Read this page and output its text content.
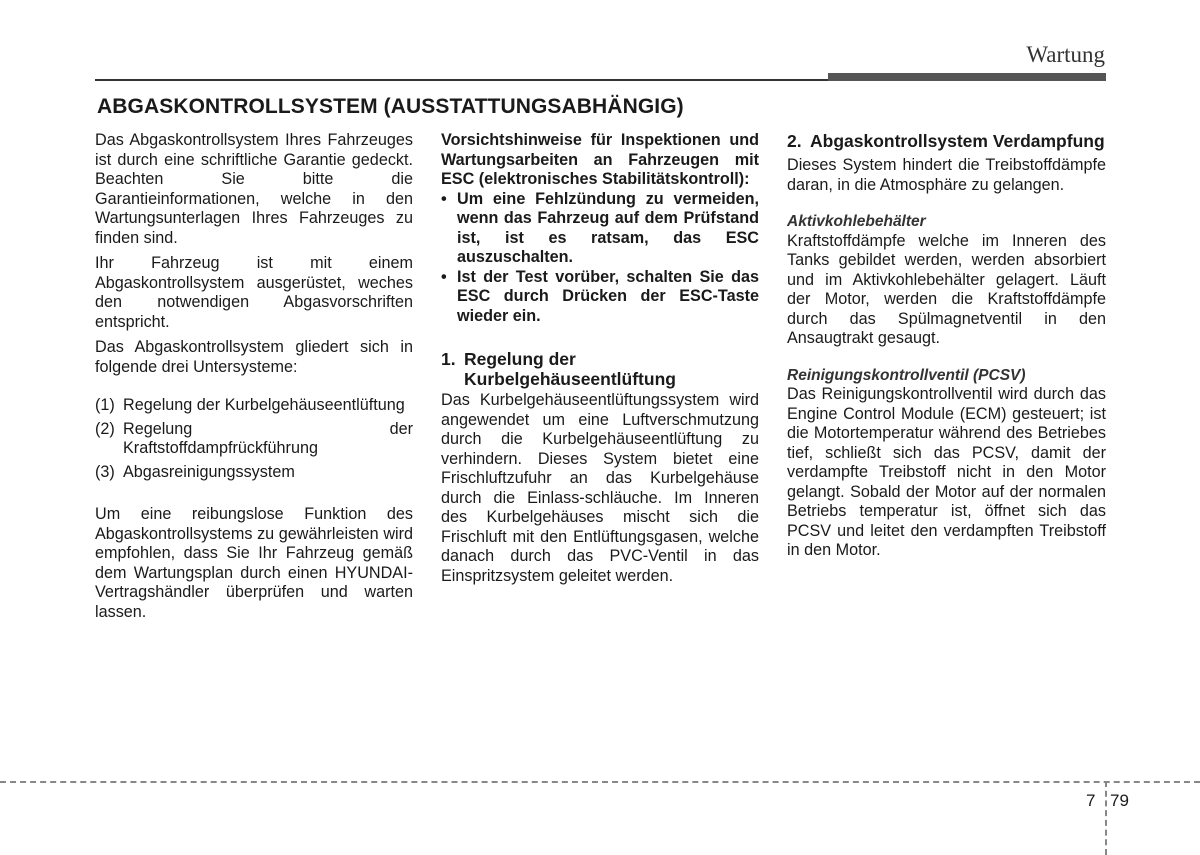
Wartung
ABGASKONTROLLSYSTEM (AUSSTATTUNGSABHÄNGIG)

Das Abgaskontrollsystem Ihres Fahrzeuges ist durch eine schriftliche Garantie gedeckt. Beachten Sie bitte die Garantieinformationen, welche in den Wartungsunterlagen Ihres Fahrzeuges zu finden sind.

Ihr Fahrzeug ist mit einem Abgaskontrollsystem ausgerüstet, weches den notwendigen Abgasvorschriften entspricht.

Das Abgaskontrollsystem gliedert sich in folgende drei Untersysteme:

(1) Regelung der Kurbelgehäuseentlüftung
(2) Regelung der Kraftstoffdampfrückführung
(3) Abgasreinigungssystem

Um eine reibungslose Funktion des Abgaskontrollsystems zu gewährleisten wird empfohlen, dass Sie Ihr Fahrzeug gemäß dem Wartungsplan durch einen HYUNDAI-Vertragshändler überprüfen und warten lassen.

Vorsichtshinweise für Inspektionen und Wartungsarbeiten an Fahrzeugen mit ESC (elektronisches Stabilitätskontroll):

• Um eine Fehlzündung zu vermeiden, wenn das Fahrzeug auf dem Prüfstand ist, ist es ratsam, das ESC auszuschalten.
• Ist der Test vorüber, schalten Sie das ESC durch Drücken der ESC-Taste wieder ein.
1. Regelung der Kurbelgehäuseentlüftung

Das Kurbelgehäuseentlüftungssystem wird angewendet um eine Luftverschmutzung durch die Kurbelgehäuseentlüftung zu verhindern. Dieses System bietet eine Frischluftzufuhr an das Kurbelgehäuse durch die Einlass-schläuche. Im Inneren des Kurbelgehäuses mischt sich die Frischluft mit den Entlüftungsgasen, welche danach durch das PVC-Ventil in das Einspritzsystem geleitet werden.

2. Abgaskontrollsystem Verdampfung

Dieses System hindert die Treibstoffdämpfe daran, in die Atmosphäre zu gelangen.

Aktivkohlebehälter

Kraftstoffdämpfe welche im Inneren des Tanks gebildet werden, werden absorbiert und im Aktivkohlebehälter gelagert. Läuft der Motor, werden die Kraftstoffdämpfe durch das Spülmagnetventil in den Ansaugtrakt gesaugt.

Reinigungskontrollventil (PCSV)

Das Reinigungskontrollventil wird durch das Engine Control Module (ECM) gesteuert; ist die Motortemperatur während des Betriebes tief, schließt sich das PCSV, damit der verdampfte Treibstoff nicht in den Motor gelangt. Sobald der Motor auf der normalen Betriebs temperatur ist, öffnet sich das PCSV und leitet den verdampften Treibstoff in den Motor.

7 79
